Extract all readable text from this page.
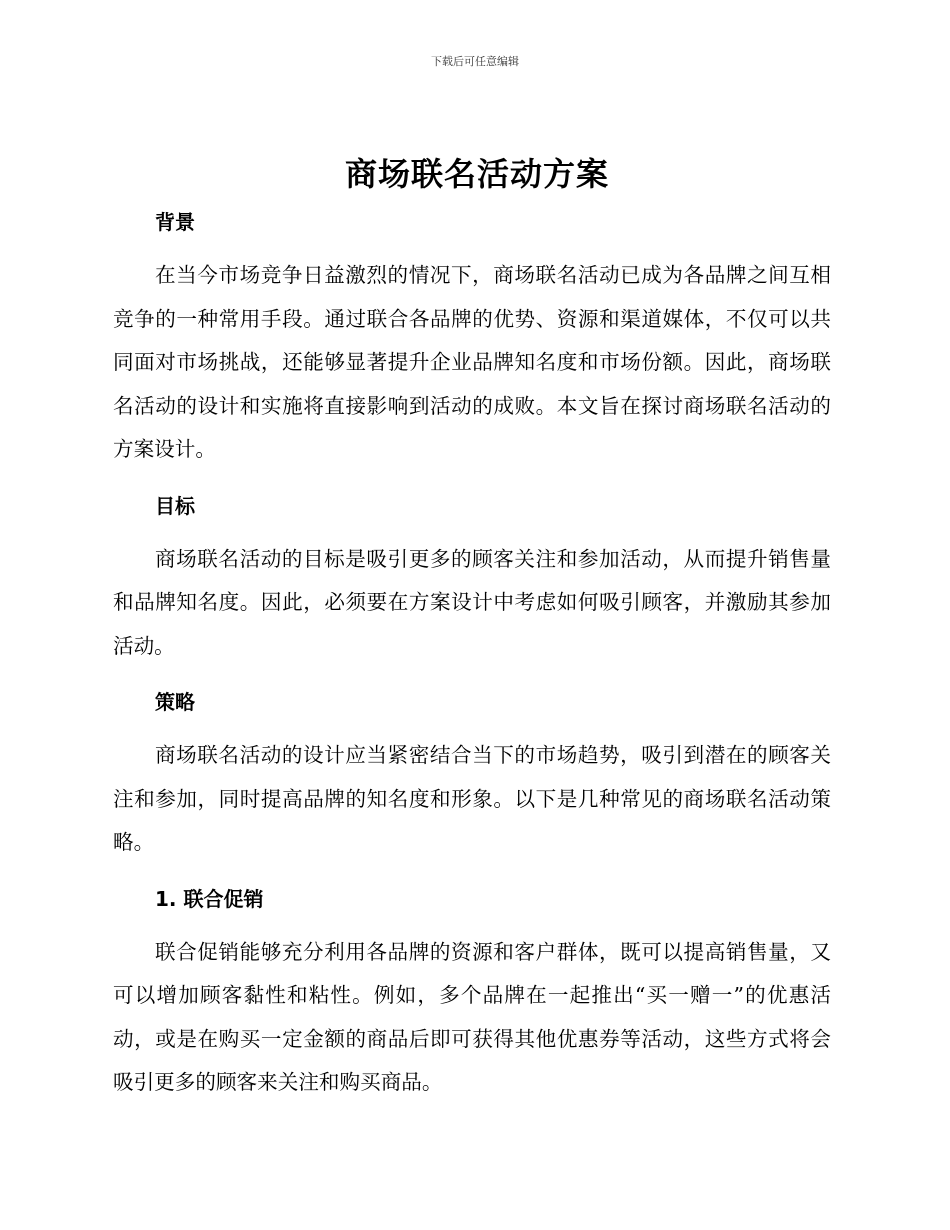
下载后可任意编辑
商场联名活动方案
背景

在当今市场竞争日益激烈的情况下，商场联名活动已成为各品牌之间互相竞争的一种常用手段。通过联合各品牌的优势、资源和渠道媒体，不仅可以共同面对市场挑战，还能够显著提升企业品牌知名度和市场份额。因此，商场联名活动的设计和实施将直接影响到活动的成败。本文旨在探讨商场联名活动的方案设计。

目标

商场联名活动的目标是吸引更多的顾客关注和参加活动，从而提升销售量和品牌知名度。因此，必须要在方案设计中考虑如何吸引顾客，并激励其参加活动。

策略

商场联名活动的设计应当紧密结合当下的市场趋势，吸引到潜在的顾客关注和参加，同时提高品牌的知名度和形象。以下是几种常见的商场联名活动策略。

1. 联合促销

联合促销能够充分利用各品牌的资源和客户群体，既可以提高销售量，又可以增加顾客黏性和粘性。例如，多个品牌在一起推出“买一赠一”的优惠活动，或是在购买一定金额的商品后即可获得其他优惠券等活动，这些方式将会吸引更多的顾客来关注和购买商品。
